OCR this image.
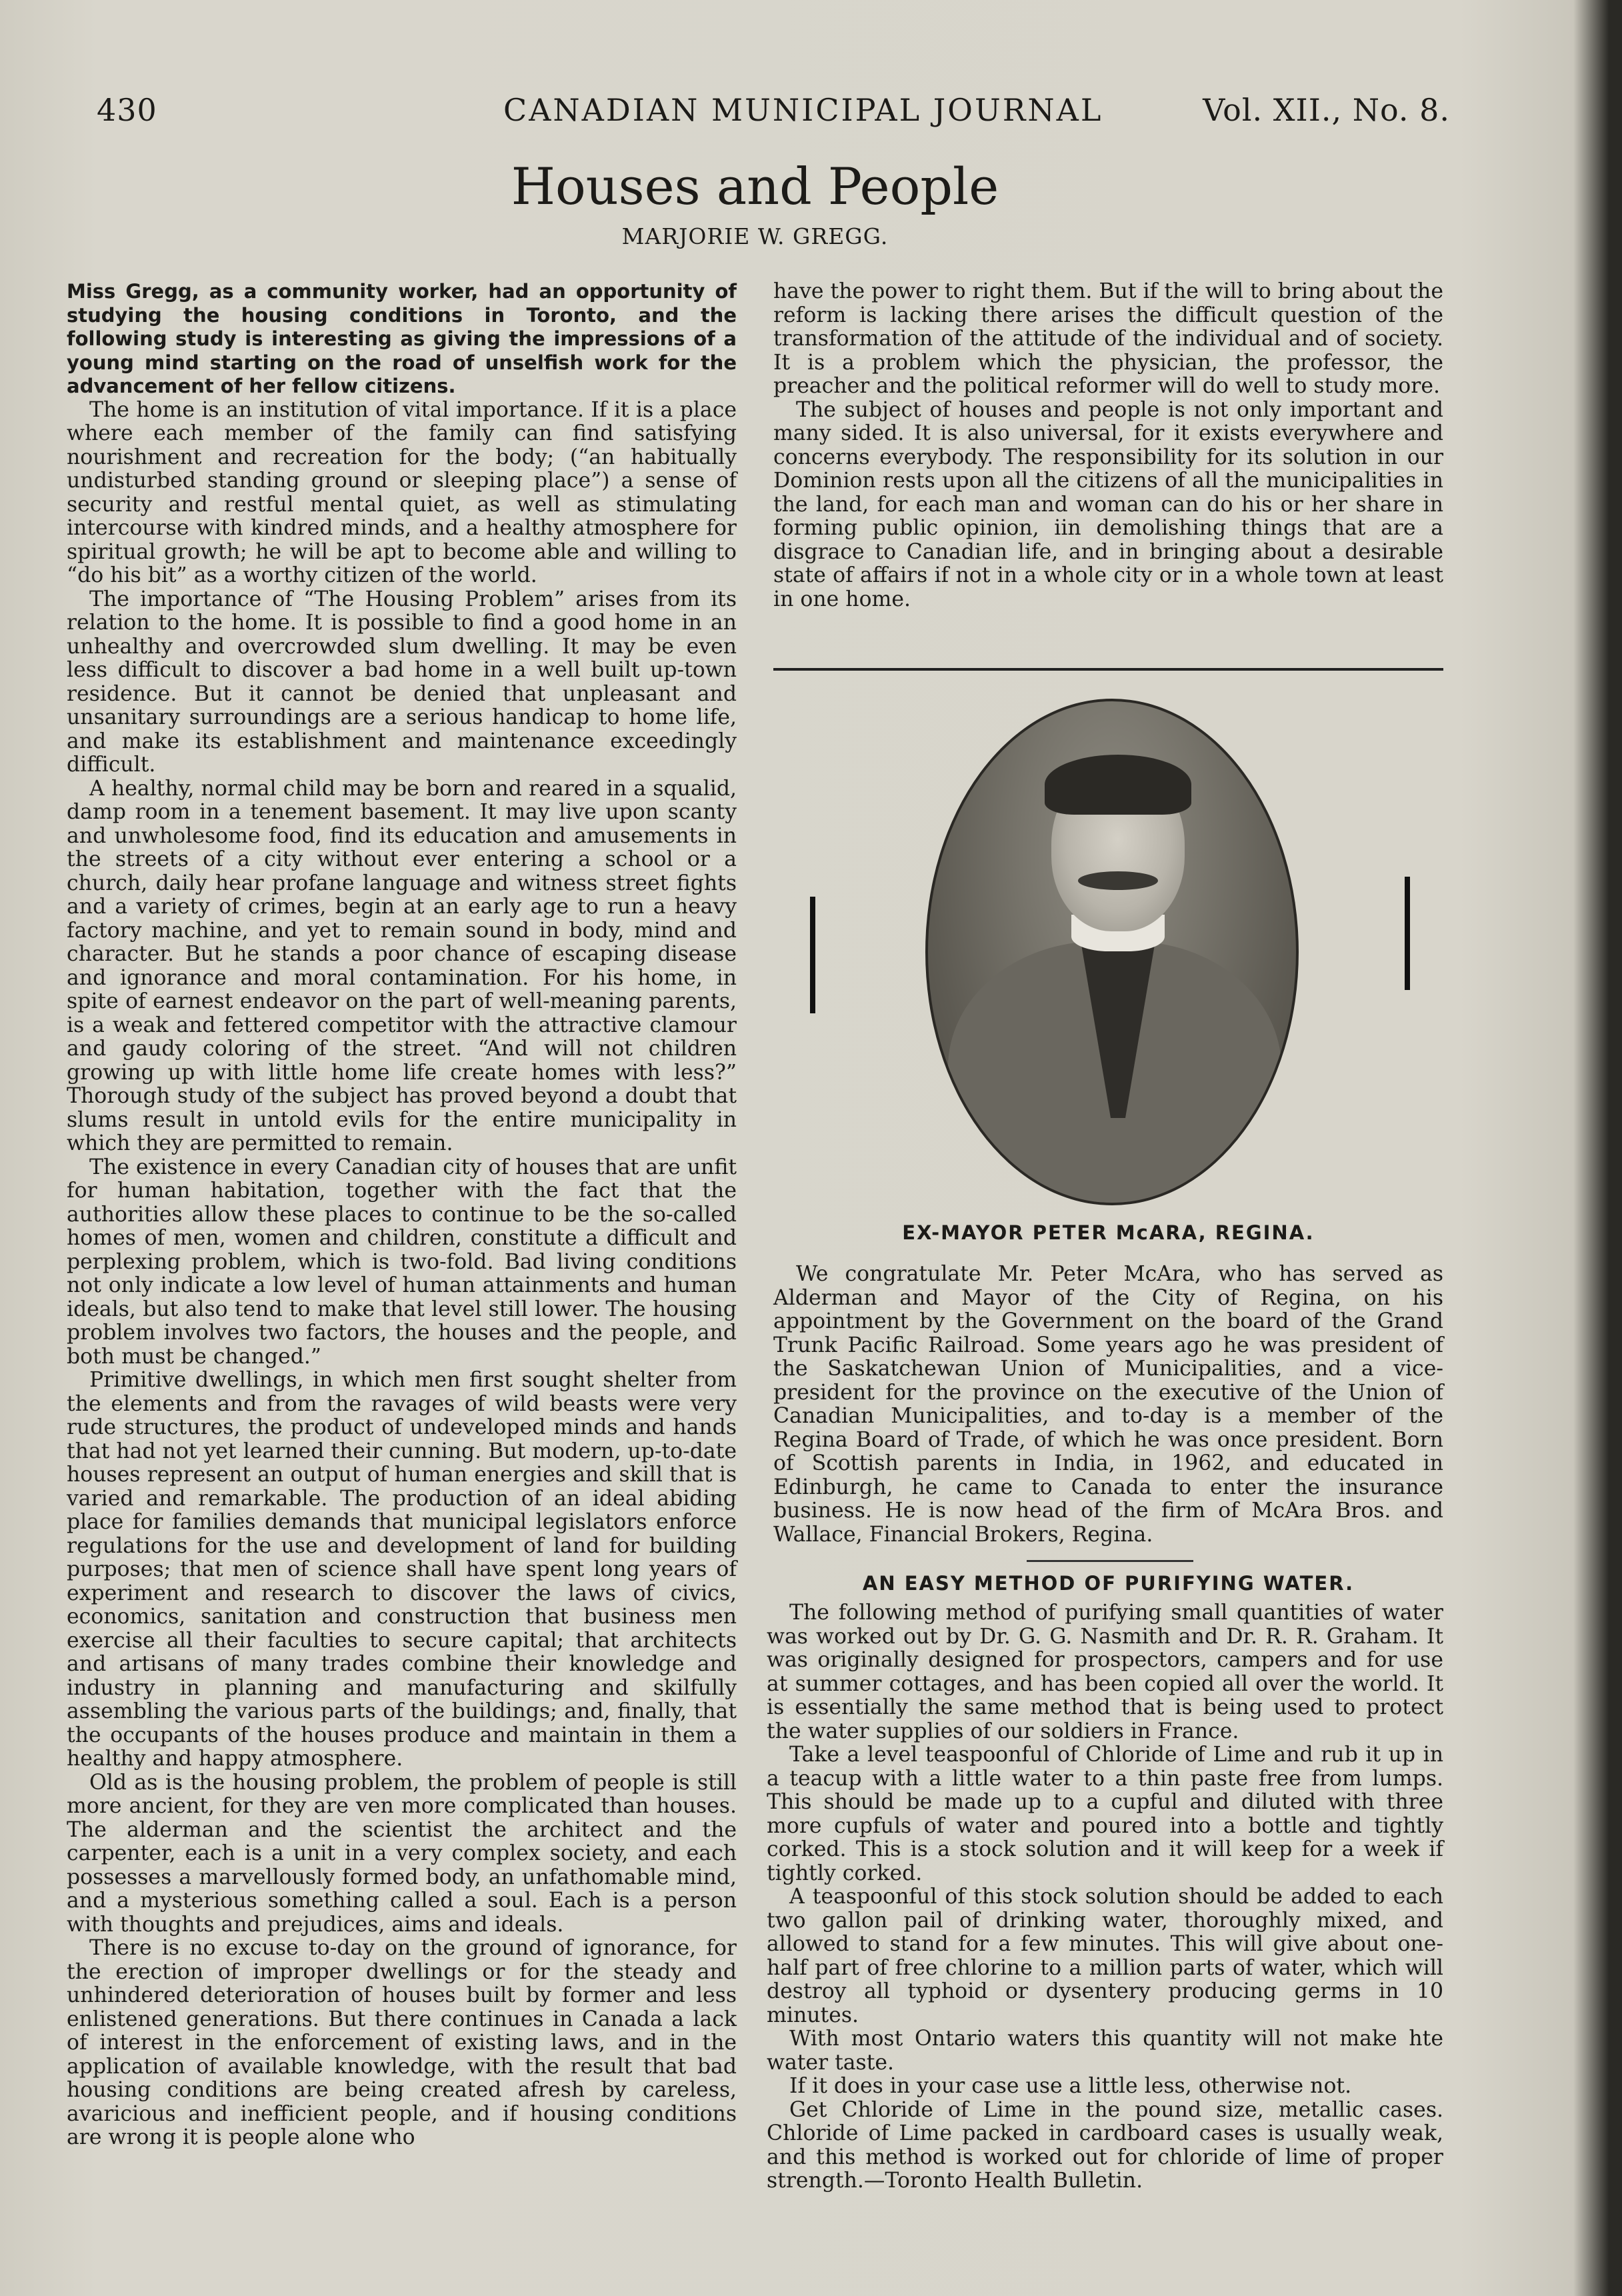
430	CANADIAN MUNICIPAL JOURNAL	Vol. XII., No. 8.
Houses and People
MARJORIE W. GREGG.

Miss Gregg, as a community worker, had an opportunity of studying the housing conditions in Toronto, and the following study is interesting as giving the impressions of a young mind starting on the road of unselfish work for the advancement of her fellow citizens.

The home is an institution of vital importance. If it is a place where each member of the family can find satisfying nourishment and recreation for the body; (“an habitually undisturbed standing ground or sleeping place”) a sense of security and restful mental quiet, as well as stimulating intercourse with kindred minds, and a healthy atmosphere for spiritual growth; he will be apt to become able and willing to “do his bit” as a worthy citizen of the world.

The importance of “The Housing Problem” arises from its relation to the home. It is possible to find a good home in an unhealthy and overcrowded slum dwelling. It may be even less difficult to discover a bad home in a well built up-town residence. But it cannot be denied that unpleasant and unsanitary surroundings are a serious handicap to home life, and make its establishment and maintenance exceedingly difficult.

A healthy, normal child may be born and reared in a squalid, damp room in a tenement basement. It may live upon scanty and unwholesome food, find its education and amusements in the streets of a city without ever entering a school or a church, daily hear profane language and witness street fights and a variety of crimes, begin at an early age to run a heavy factory machine, and yet to remain sound in body, mind and character. But he stands a poor chance of escaping disease and ignorance and moral contamination. For his home, in spite of earnest endeavor on the part of well-meaning parents, is a weak and fettered competitor with the attractive clamour and gaudy coloring of the street. “And will not children growing up with little home life create homes with less?” Thorough study of the subject has proved beyond a doubt that slums result in untold evils for the entire municipality in which they are permitted to remain.

The existence in every Canadian city of houses that are unfit for human habitation, together with the fact that the authorities allow these places to continue to be the so-called homes of men, women and children, constitute a difficult and perplexing problem, which is two-fold. Bad living conditions not only indicate a low level of human attainments and human ideals, but also tend to make that level still lower. The housing problem involves two factors, the houses and the people, and both must be changed.”

Primitive dwellings, in which men first sought shelter from the elements and from the ravages of wild beasts were very rude structures, the product of undeveloped minds and hands that had not yet learned their cunning. But modern, up-to-date houses represent an output of human energies and skill that is varied and remarkable. The production of an ideal abiding place for families demands that municipal legislators enforce regulations for the use and development of land for building purposes; that men of science shall have spent long years of experiment and research to discover the laws of civics, economics, sanitation and construction that business men exercise all their faculties to secure capital; that architects and artisans of many trades combine their knowledge and industry in planning and manufacturing and skilfully assembling the various parts of the buildings; and, finally, that the occupants of the houses produce and maintain in them a healthy and happy atmosphere.

Old as is the housing problem, the problem of people is still more ancient, for they are ven more complicated than houses. The alderman and the scientist the architect and the carpenter, each is a unit in a very complex society, and each possesses a marvellously formed body, an unfathomable mind, and a mysterious something called a soul. Each is a person with thoughts and prejudices, aims and ideals.

There is no excuse to-day on the ground of ignorance, for the erection of improper dwellings or for the steady and unhindered deterioration of houses built by former and less enlistened generations. But there continues in Canada a lack of interest in the enforcement of existing laws, and in the application of available knowledge, with the result that bad housing conditions are being created afresh by careless, avaricious and inefficient people, and if housing conditions are wrong it is people alone who

have the power to right them. But if the will to bring about the reform is lacking there arises the difficult question of the transformation of the attitude of the individual and of society. It is a problem which the physician, the professor, the preacher and the political reformer will do well to study more.

The subject of houses and people is not only important and many sided. It is also universal, for it exists everywhere and concerns everybody. The responsibility for its solution in our Dominion rests upon all the citizens of all the municipalities in the land, for each man and woman can do his or her share in forming public opinion, iin demolishing things that are a disgrace to Canadian life, and in bringing about a desirable state of affairs if not in a whole city or in a whole town at least in one home.

EX-MAYOR PETER McARA, REGINA.

We congratulate Mr. Peter McAra, who has served as Alderman and Mayor of the City of Regina, on his appointment by the Government on the board of the Grand Trunk Pacific Railroad. Some years ago he was president of the Saskatchewan Union of Municipalities, and a vice-president for the province on the executive of the Union of Canadian Municipalities, and to-day is a member of the Regina Board of Trade, of which he was once president. Born of Scottish parents in India, in 1962, and educated in Edinburgh, he came to Canada to enter the insurance business. He is now head of the firm of McAra Bros. and Wallace, Financial Brokers, Regina.

AN EASY METHOD OF PURIFYING WATER.

The following method of purifying small quantities of water was worked out by Dr. G. G. Nasmith and Dr. R. R. Graham. It was originally designed for prospectors, campers and for use at summer cottages, and has been copied all over the world. It is essentially the same method that is being used to protect the water supplies of our soldiers in France.

Take a level teaspoonful of Chloride of Lime and rub it up in a teacup with a little water to a thin paste free from lumps. This should be made up to a cupful and diluted with three more cupfuls of water and poured into a bottle and tightly corked. This is a stock solution and it will keep for a week if tightly corked.

A teaspoonful of this stock solution should be added to each two gallon pail of drinking water, thoroughly mixed, and allowed to stand for a few minutes. This will give about one-half part of free chlorine to a million parts of water, which will destroy all typhoid or dysentery producing germs in 10 minutes.

With most Ontario waters this quantity will not make hte water taste.

If it does in your case use a little less, otherwise not.

Get Chloride of Lime in the pound size, metallic cases. Chloride of Lime packed in cardboard cases is usually weak, and this method is worked out for chloride of lime of proper strength.—Toronto Health Bulletin.
